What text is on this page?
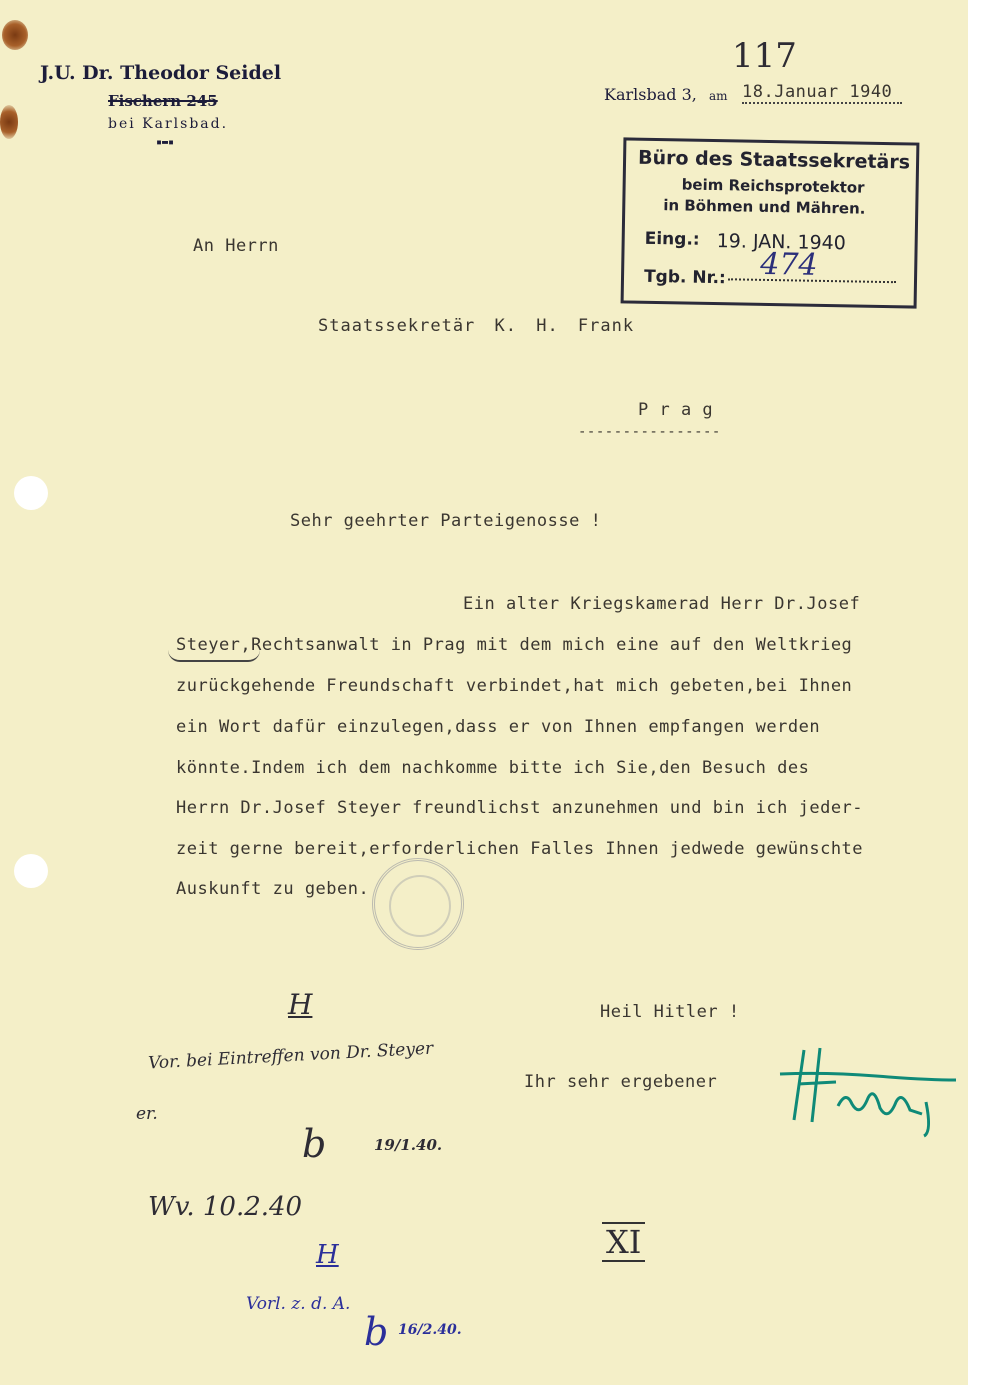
J.U. Dr. Theodor Seidel
Fischern 245
bei Karlsbad.
▪▬▪
117
Karlsbad 3, am 18.Januar 1940
Büro des Staatssekretärs
beim Reichsprotektor
in Böhmen und Mähren.
Eing.: 19. JAN. 1940
Tgb. Nr.: 474
An Herrn
Staatssekretär K. H. Frank
P r a g
----------------
Sehr geehrter Parteigenosse !
Ein alter Kriegskamerad Herr Dr.Josef
Steyer,Rechtsanwalt in Prag mit dem mich eine auf den Weltkrieg
zurückgehende Freundschaft verbindet,hat mich gebeten,bei Ihnen
ein Wort dafür einzulegen,dass er von Ihnen empfangen werden
könnte.Indem ich dem nachkomme bitte ich Sie,den Besuch des
Herrn Dr.Josef Steyer freundlichst anzunehmen und bin ich jeder-
zeit gerne bereit,erforderlichen Falles Ihnen jedwede gewünschte
Auskunft zu geben.
Heil Hitler !
Ihr sehr ergebener
H
Vor. bei Eintreffen von Dr. Steyer
er.
b	19/1.40.
Wv. 10.2.40
XI
H
Vorl. z. d. A.
b 16/2.40.
